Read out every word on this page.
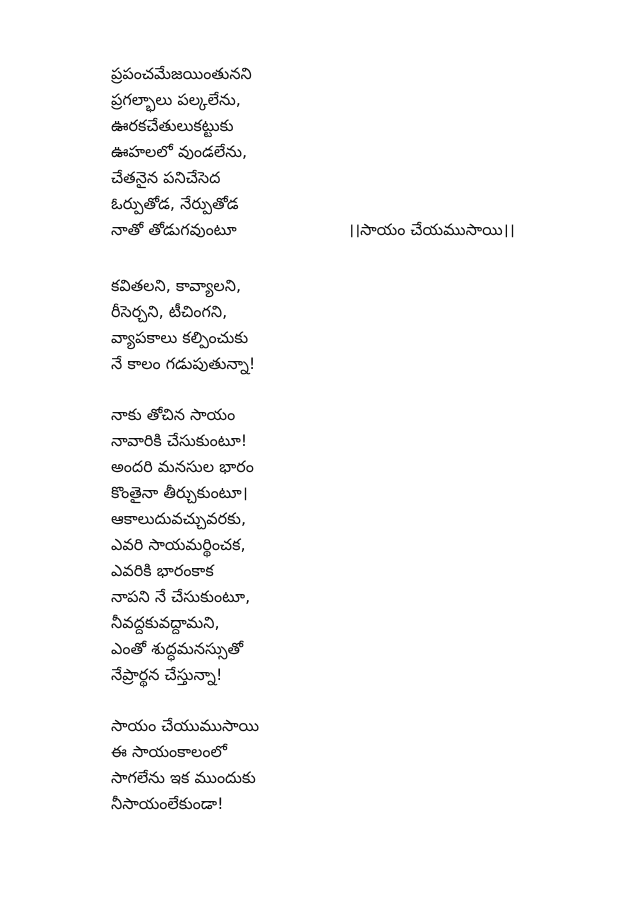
ప్రపంచమేజయింతునని
ప్రగల్భాలు పల్కలేను,
ఊరకచేతులుకట్టుకు
ఊహలలో వుండలేను,
చేతనైన పనిచేసెద
ఓర్పుతోడ, నేర్పుతోడ
నాతో తోడుగవుంటూ	।।సాయం చేయముసాయి।।
కవితలని, కావ్యాలని,
రీసెర్చని, టీచింగని,
వ్యాపకాలు కల్పించుకు
నే కాలం గడుపుతున్నా!
నాకు తోచిన సాయం
నావారికి చేసుకుంటూ!
అందరి మనసుల భారం
కొంతైనా తీర్చుకుంటూ।
ఆకాలుదువచ్చువరకు,
ఎవరి సాయమర్థించక,
ఎవరికి భారంకాక
నాపని నే చేసుకుంటూ,
నీవద్దకువద్దామని,
ఎంతో శుద్ధమనస్సుతో
నేప్రార్థన చేస్తున్నా!
సాయం చేయుముసాయి
ఈ సాయంకాలంలో
సాగలేను ఇక ముందుకు
నీసాయంలేకుండా!
